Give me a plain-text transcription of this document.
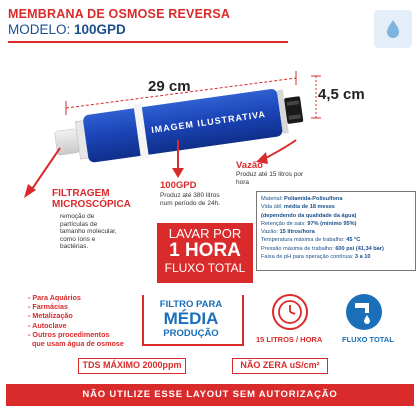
MEMBRANA DE OSMOSE REVERSA
MODELO: 100GPD
IMAGEM ILUSTRATIVA
29 cm	4,5 cm
FILTRAGEM
MICROSCÓPICA
remoção de
partículas de
tamanho molecular,
como íons e
bactérias.
100GPD
Produz até 380 litros
num período de 24h.
Vazão
Produz até 15 litros por
hora
LAVAR POR
1 HORA
FLUXO TOTAL
Material: Poliamida-Polisulfona
Vida útil: média de 18 meses
(dependendo da qualidade da água)
Retenção de sais: 97% (mínimo 95%)
Vazão: 15 litros/hora
Temperatura máxima de trabalho: 45 °C
Pressão máxima de trabalho: 600 psi (41,34 bar)
Faixa de pH para operação contínua: 3 a 10
- Para Aquários
- Farmácias
- Metalização
- Autoclave
- Outros procedimentos
que usam água de osmose
FILTRO PARA
MÉDIA
PRODUÇÃO
15 LITROS / HORA	FLUXO TOTAL
TDS MÁXIMO 2000ppm	NÃO ZERA uS/cm²
NÃO UTILIZE ESSE LAYOUT SEM AUTORIZAÇÃO
